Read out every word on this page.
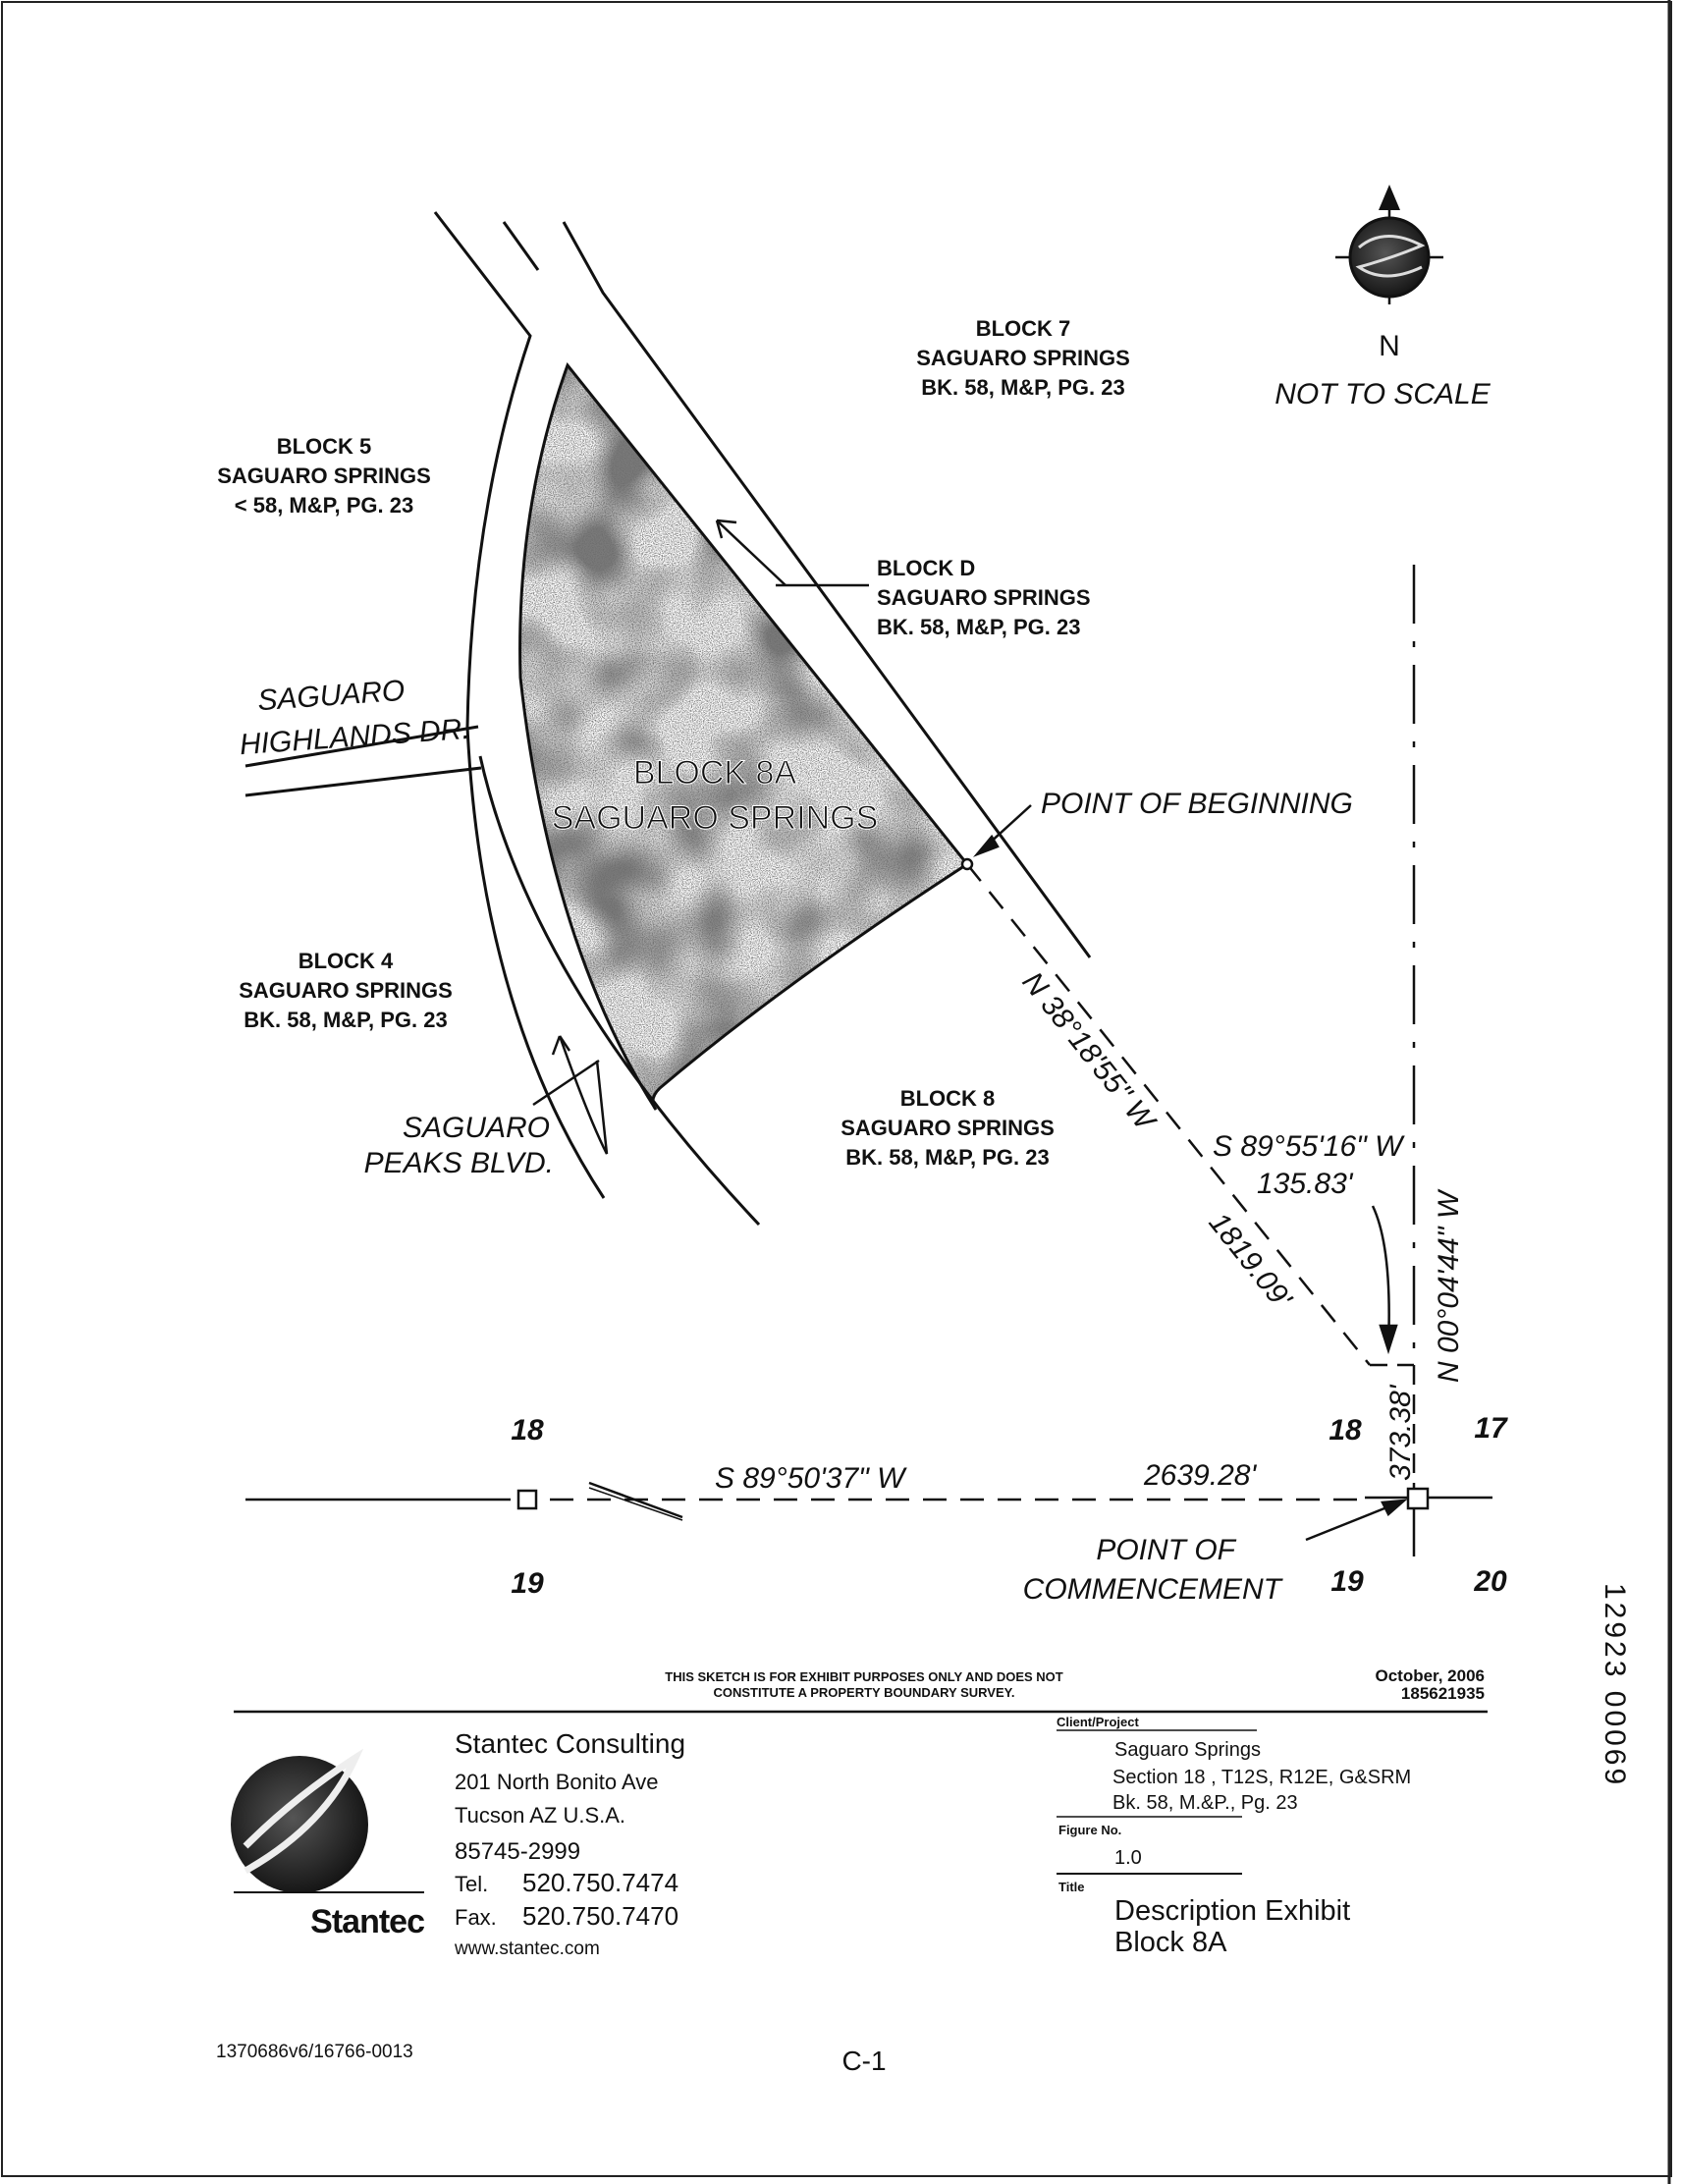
N
NOT TO SCALE
BLOCK 7
SAGUARO SPRINGS
BK. 58, M&P, PG. 23
BLOCK 5
SAGUARO SPRINGS
< 58, M&P, PG. 23
BLOCK D
SAGUARO SPRINGS
BK. 58, M&P, PG. 23
BLOCK 4
SAGUARO SPRINGS
BK. 58, M&P, PG. 23
BLOCK 8
SAGUARO SPRINGS
BK. 58, M&P, PG. 23
BLOCK 8A
SAGUARO SPRINGS
SAGUARO
HIGHLANDS DR.
SAGUARO
PEAKS BLVD.
POINT OF BEGINNING
POINT OF
COMMENCEMENT
N 38°18'55" W
1819.09'
S 89°55'16" W
135.83'
N 00°04'44" W
373.38'
S 89°50'37" W	2639.28'
18
19
18	17
19	20
THIS SKETCH IS FOR EXHIBIT PURPOSES ONLY AND DOES NOT
CONSTITUTE A PROPERTY BOUNDARY SURVEY.
October, 2006
185621935
Stantec
Stantec Consulting
201 North Bonito Ave
Tucson AZ U.S.A.
85745-2999
Tel. 520.750.7474
Fax. 520.750.7470
www.stantec.com
Client/Project
Saguaro Springs
Section 18 , T12S, R12E, G&SRM
Bk. 58, M.&P., Pg. 23
Figure No.
1.0
Title
Description Exhibit
Block 8A
1370686v6/16766-0013	C-1
12923 00069
